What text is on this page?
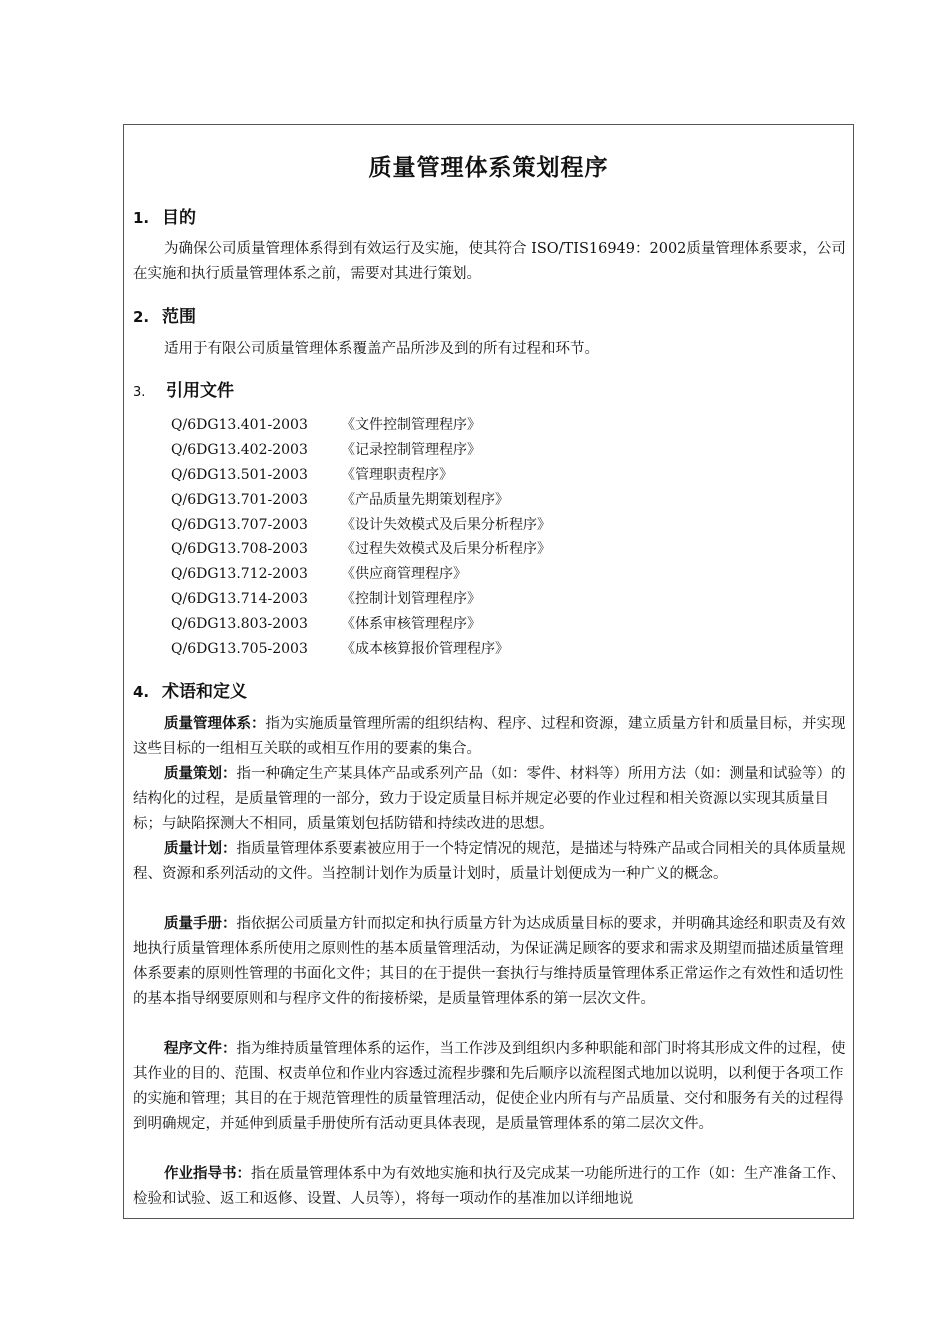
质量管理体系策划程序
1. 目的

为确保公司质量管理体系得到有效运行及实施，使其符合 ISO/TIS16949：2002质量管理体系要求，公司在实施和执行质量管理体系之前，需要对其进行策划。

2. 范围

适用于有限公司质量管理体系覆盖产品所涉及到的所有过程和环节。

3. 引用文件
Q/6DG13.401-2003 《文件控制管理程序》
Q/6DG13.402-2003 《记录控制管理程序》
Q/6DG13.501-2003 《管理职责程序》
Q/6DG13.701-2003 《产品质量先期策划程序》
Q/6DG13.707-2003 《设计失效模式及后果分析程序》
Q/6DG13.708-2003 《过程失效模式及后果分析程序》
Q/6DG13.712-2003 《供应商管理程序》
Q/6DG13.714-2003 《控制计划管理程序》
Q/6DG13.803-2003 《体系审核管理程序》
Q/6DG13.705-2003 《成本核算报价管理程序》
4. 术语和定义

质量管理体系：指为实施质量管理所需的组织结构、程序、过程和资源，建立质量方针和质量目标，并实现这些目标的一组相互关联的或相互作用的要素的集合。

质量策划：指一种确定生产某具体产品或系列产品（如：零件、材料等）所用方法（如：测量和试验等）的结构化的过程，是质量管理的一部分，致力于设定质量目标并规定必要的作业过程和相关资源以实现其质量目标；与缺陷探测大不相同，质量策划包括防错和持续改进的思想。

质量计划：指质量管理体系要素被应用于一个特定情况的规范，是描述与特殊产品或合同相关的具体质量规程、资源和系列活动的文件。当控制计划作为质量计划时，质量计划便成为一种广义的概念。

质量手册：指依据公司质量方针而拟定和执行质量方针为达成质量目标的要求，并明确其途经和职责及有效地执行质量管理体系所使用之原则性的基本质量管理活动，为保证满足顾客的要求和需求及期望而描述质量管理体系要素的原则性管理的书面化文件；其目的在于提供一套执行与维持质量管理体系正常运作之有效性和适切性的基本指导纲要原则和与程序文件的衔接桥梁，是质量管理体系的第一层次文件。

程序文件：指为维持质量管理体系的运作，当工作涉及到组织内多种职能和部门时将其形成文件的过程，使其作业的目的、范围、权责单位和作业内容透过流程步骤和先后顺序以流程图式地加以说明，以利便于各项工作的实施和管理；其目的在于规范管理性的质量管理活动，促使企业内所有与产品质量、交付和服务有关的过程得到明确规定，并延伸到质量手册使所有活动更具体表现，是质量管理体系的第二层次文件。

作业指导书：指在质量管理体系中为有效地实施和执行及完成某一功能所进行的工作（如：生产准备工作、检验和试验、返工和返修、设置、人员等），将每一项动作的基准加以详细地说
